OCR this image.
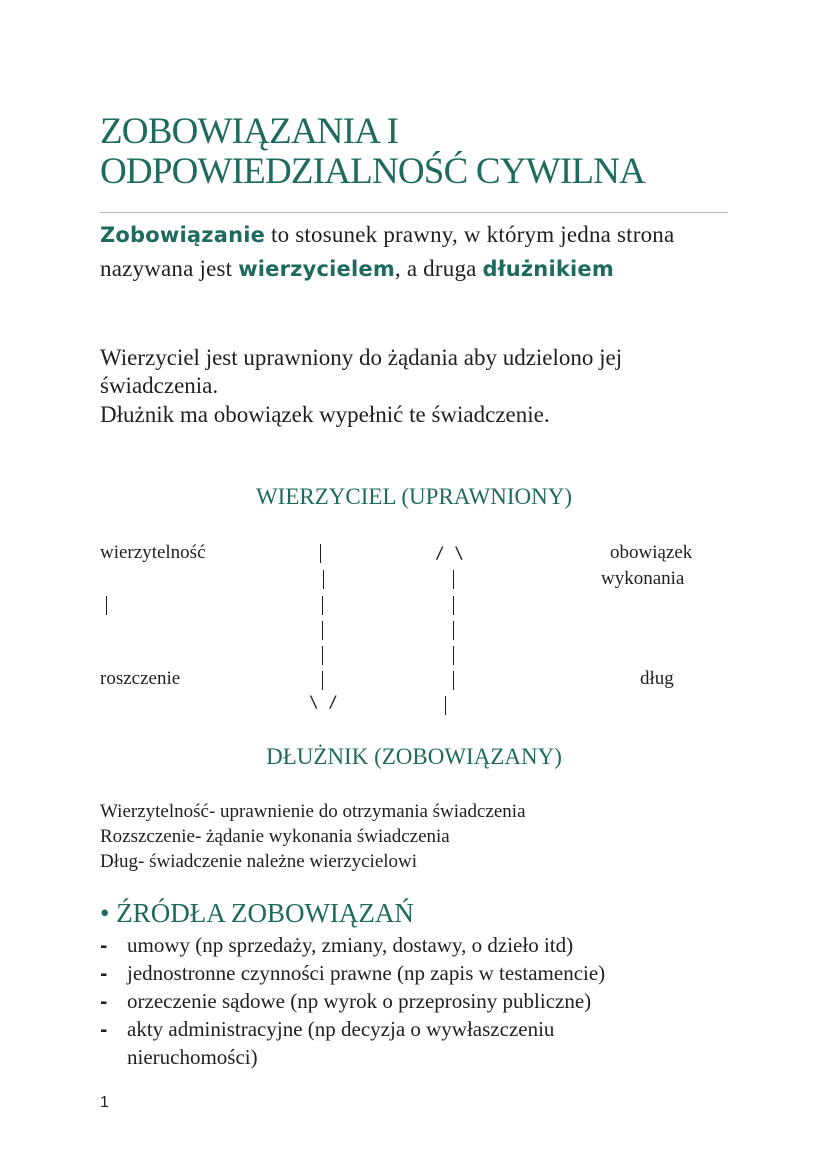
ZOBOWIĄZANIA I
ODPOWIEDZIALNOŚĆ CYWILNA
Zobowiązanie to stosunek prawny, w którym jedna strona
nazywana jest wierzycielem, a druga dłużnikiem
Wierzyciel jest uprawniony do żądania aby udzielono jej
świadczenia.
Dłużnik ma obowiązek wypełnić te świadczenie.
WIERZYCIEL (UPRAWNIONY)
wierzytelność	obowiązek
wykonania
roszczenie	dług
\ /
/ \
DŁUŻNIK (ZOBOWIĄZANY)
Wierzytelność- uprawnienie do otrzymania świadczenia
Rozszczenie- żądanie wykonania świadczenia
Dług- świadczenie należne wierzycielowi
• ŹRÓDŁA ZOBOWIĄZAŃ
- umowy (np sprzedaży, zmiany, dostawy, o dzieło itd)
- jednostronne czynności prawne (np zapis w testamencie)
- orzeczenie sądowe (np wyrok o przeprosiny publiczne)
- akty administracyjne (np decyzja o wywłaszczeniu
nieruchomości)
1
